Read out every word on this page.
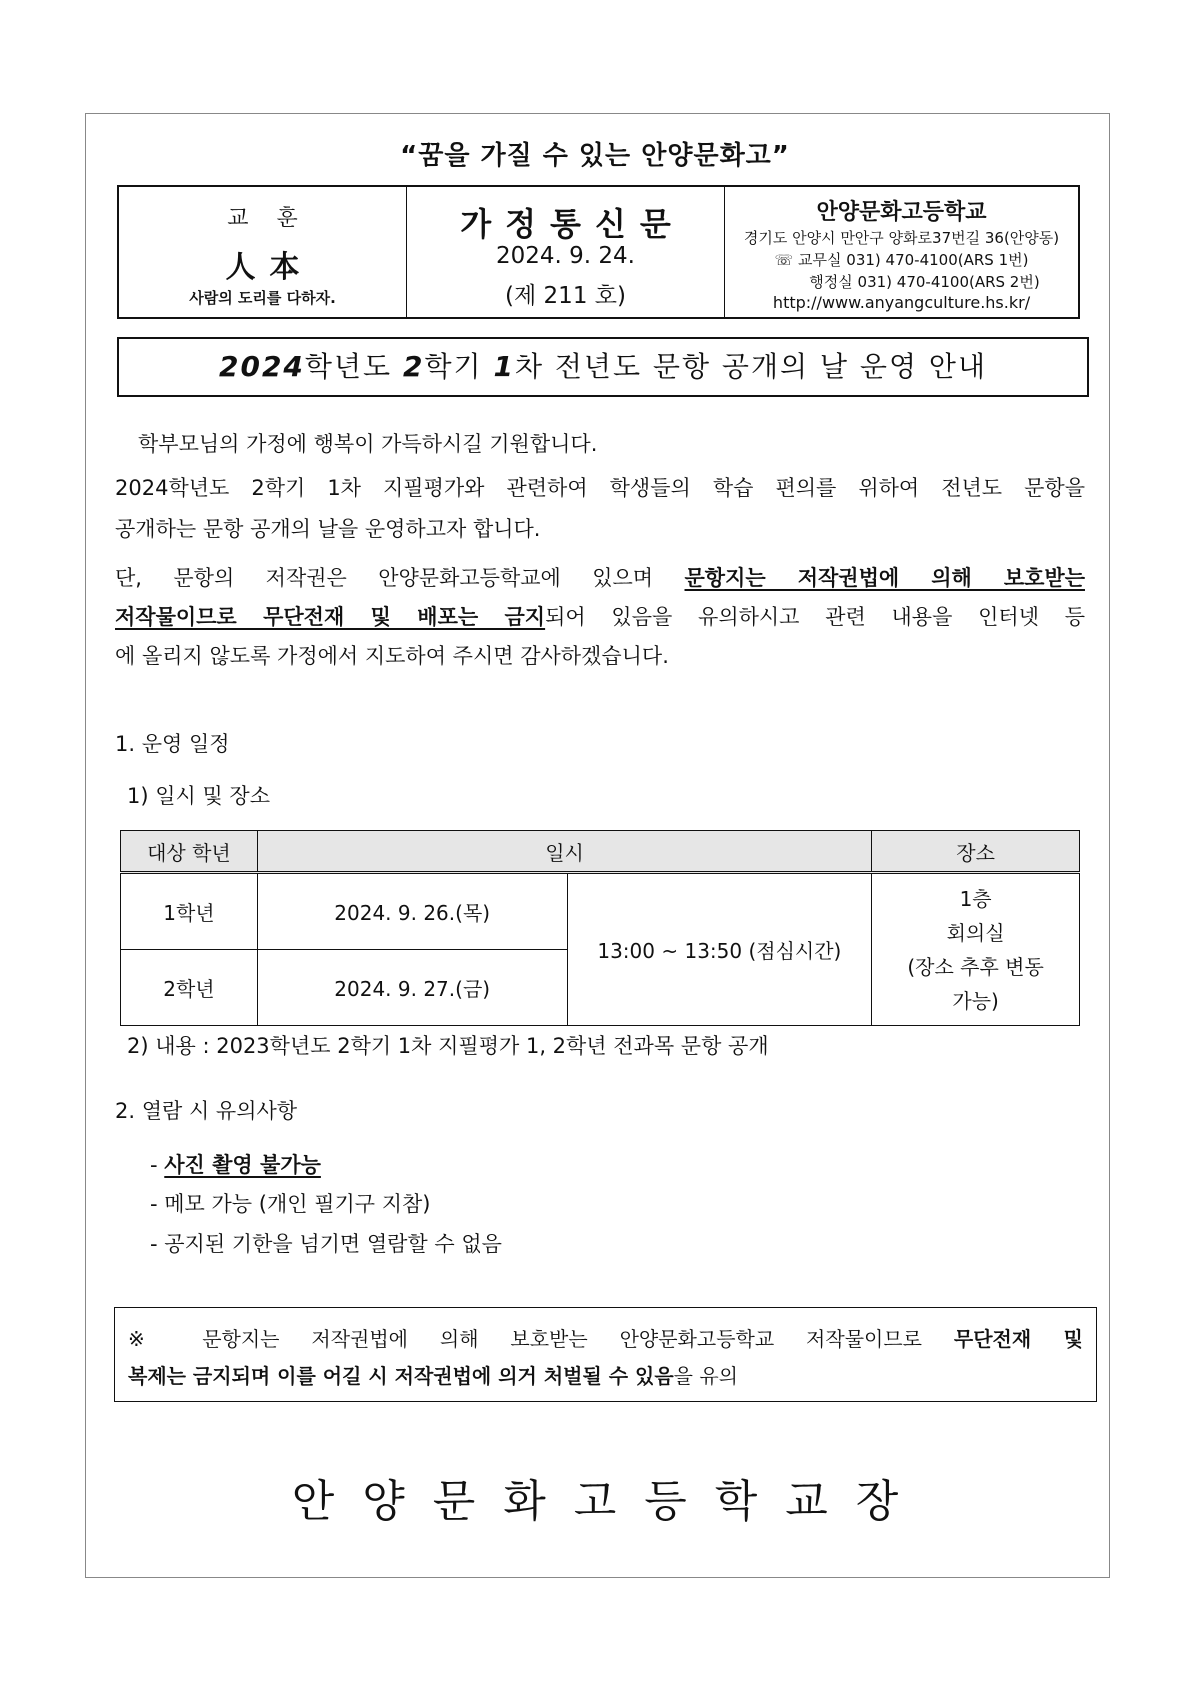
“꿈을 가질 수 있는 안양문화고”
교훈
人本
사람의 도리를 다하자.
가정통신문
2024. 9. 24.
(제 211 호)
안양문화고등학교
경기도 안양시 만안구 양화로37번길 36(안양동)
☏ 교무실 031) 470-4100(ARS 1번)
행정실 031) 470-4100(ARS 2번)
http://www.anyangculture.hs.kr/
2024학년도 2학기 1차 전년도 문항 공개의 날 운영 안내
학부모님의 가정에 행복이 가득하시길 기원합니다.
2024학년도 2학기 1차 지필평가와 관련하여 학생들의 학습 편의를 위하여 전년도 문항을
공개하는 문항 공개의 날을 운영하고자 합니다.
단, 문항의 저작권은 안양문화고등학교에 있으며 문항지는 저작권법에 의해 보호받는
저작물이므로 무단전재 및 배포는 금지되어 있음을 유의하시고 관련 내용을 인터넷 등
에 올리지 않도록 가정에서 지도하여 주시면 감사하겠습니다.
1. 운영 일정
1) 일시 및 장소
대상 학년	일시		장소
1학년	2024. 9. 26.(목)	13:00 ~ 13:50 (점심시간)	1층
회의실
(장소 추후 변동
가능)

2학년	2024. 9. 27.(금)		
2) 내용 : 2023학년도 2학기 1차 지필평가 1, 2학년 전과목 문항 공개
2. 열람 시 유의사항
- 사진 촬영 불가능
- 메모 가능 (개인 필기구 지참)
- 공지된 기한을 넘기면 열람할 수 없음
※ 문항지는 저작권법에 의해 보호받는 안양문화고등학교 저작물이므로 무단전재 및
복제는 금지되며 이를 어길 시 저작권법에 의거 처벌될 수 있음을 유의
안양문화고등학교장
